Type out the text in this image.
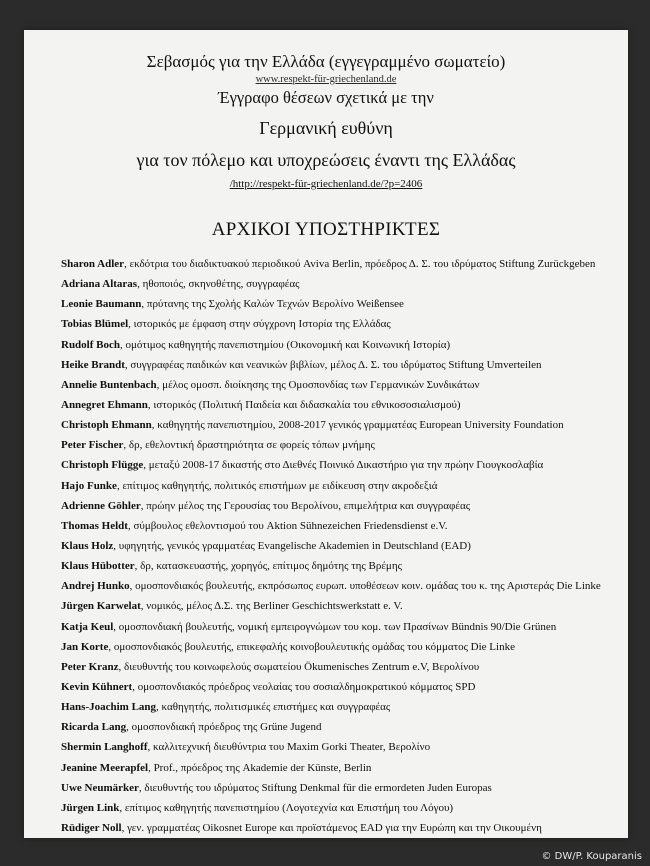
Σεβασμός για την Ελλάδα (εγγεγραμμένο σωματείο)
www.respekt-für-griechenland.de
Έγγραφο θέσεων σχετικά με την
Γερμανική ευθύνη
για τον πόλεμο και υποχρεώσεις έναντι της Ελλάδας
/http://respekt-für-griechenland.de/?p=2406
ΑΡΧΙΚΟΙ ΥΠΟΣΤΗΡΙΚΤΕΣ
Sharon Adler, εκδότρια του διαδικτυακού περιοδικού Aviva Berlin, πρόεδρος Δ. Σ. του ιδρύματος Stiftung Zurückgeben
Adriana Altaras, ηθοποιός, σκηνοθέτης, συγγραφέας
Leonie Baumann, πρύτανης της Σχολής Καλών Τεχνών Βερολίνο Weißensee
Tobias Blümel, ιστορικός με έμφαση στην σύγχρονη Ιστορία της Ελλάδας
Rudolf Boch, ομότιμος καθηγητής πανεπιστημίου (Οικονομική και Κοινωνική Ιστορία)
Heike Brandt, συγγραφέας παιδικών και νεανικών βιβλίων, μέλος Δ. Σ. του ιδρύματος Stiftung Umverteilen
Annelie Buntenbach, μέλος ομοσπ. διοίκησης της Ομοσπονδίας των Γερμανικών Συνδικάτων
Annegret Ehmann, ιστορικός (Πολιτική Παιδεία και διδασκαλία του εθνικοσοσιαλισμού)
Christoph Ehmann, καθηγητής πανεπιστημίου, 2008-2017 γενικός γραμματέας European University Foundation
Peter Fischer, δρ, εθελοντική δραστηριότητα σε φορείς τόπων μνήμης
Christoph Flügge, μεταξύ 2008-17 δικαστής στο Διεθνές Ποινικό Δικαστήριο για την πρώην Γιουγκοσλαβία
Hajo Funke, επίτιμος καθηγητής, πολιτικός επιστήμων με ειδίκευση στην ακροδεξιά
Adrienne Göhler, πρώην μέλος της Γερουσίας του Βερολίνου, επιμελήτρια και συγγραφέας
Thomas Heldt, σύμβουλος εθελοντισμού του Aktion Sühnezeichen Friedensdienst e.V.
Klaus Holz, υφηγητής, γενικός γραμματέας Evangelische Akademien in Deutschland (EAD)
Klaus Hübotter, δρ, κατασκευαστής, χορηγός, επίτιμος δημότης της Βρέμης
Andrej Hunko, ομοσπονδιακός βουλευτής, εκπρόσωπος ευρωπ. υποθέσεων κοιν. ομάδας του κ. της Αριστεράς Die Linke
Jürgen Karwelat, νομικός, μέλος Δ.Σ. της Berliner Geschichtswerkstatt e. V.
Katja Keul, ομοσπονδιακή βουλευτής, νομική εμπειρογνώμων του κομ. των Πρασίνων Bündnis 90/Die Grünen
Jan Korte, ομοσπονδιακός βουλευτής, επικεφαλής κοινοβουλευτικής ομάδας του κόμματος Die Linke
Peter Kranz, διευθυντής του κοινωφελούς σωματείου Ökumenisches Zentrum e.V, Βερολίνου
Kevin Kühnert, ομοσπονδιακός πρόεδρος νεολαίας του σοσιαλδημοκρατικού κόμματος SPD
Hans-Joachim Lang, καθηγητής, πολιτισμικές επιστήμες και συγγραφέας
Ricarda Lang, ομοσπονδιακή πρόεδρος της Grüne Jugend
Shermin Langhoff, καλλιτεχνική διευθύντρια του Maxim Gorki Theater, Βερολίνο
Jeanine Meerapfel, Prof., πρόεδρος της Akademie der Künste, Berlin
Uwe Neumärker, διευθυντής του ιδρύματος Stiftung Denkmal für die ermordeten Juden Europas
Jürgen Link, επίτιμος καθηγητής πανεπιστημίου (Λογοτεχνία και Επιστήμη του Λόγου)
Rüdiger Noll, γεν. γραμματέας Oikosnet Europe και προϊστάμενος EAD για την Ευρώπη και την Οικουμένη
© DW/P. Kouparanis
